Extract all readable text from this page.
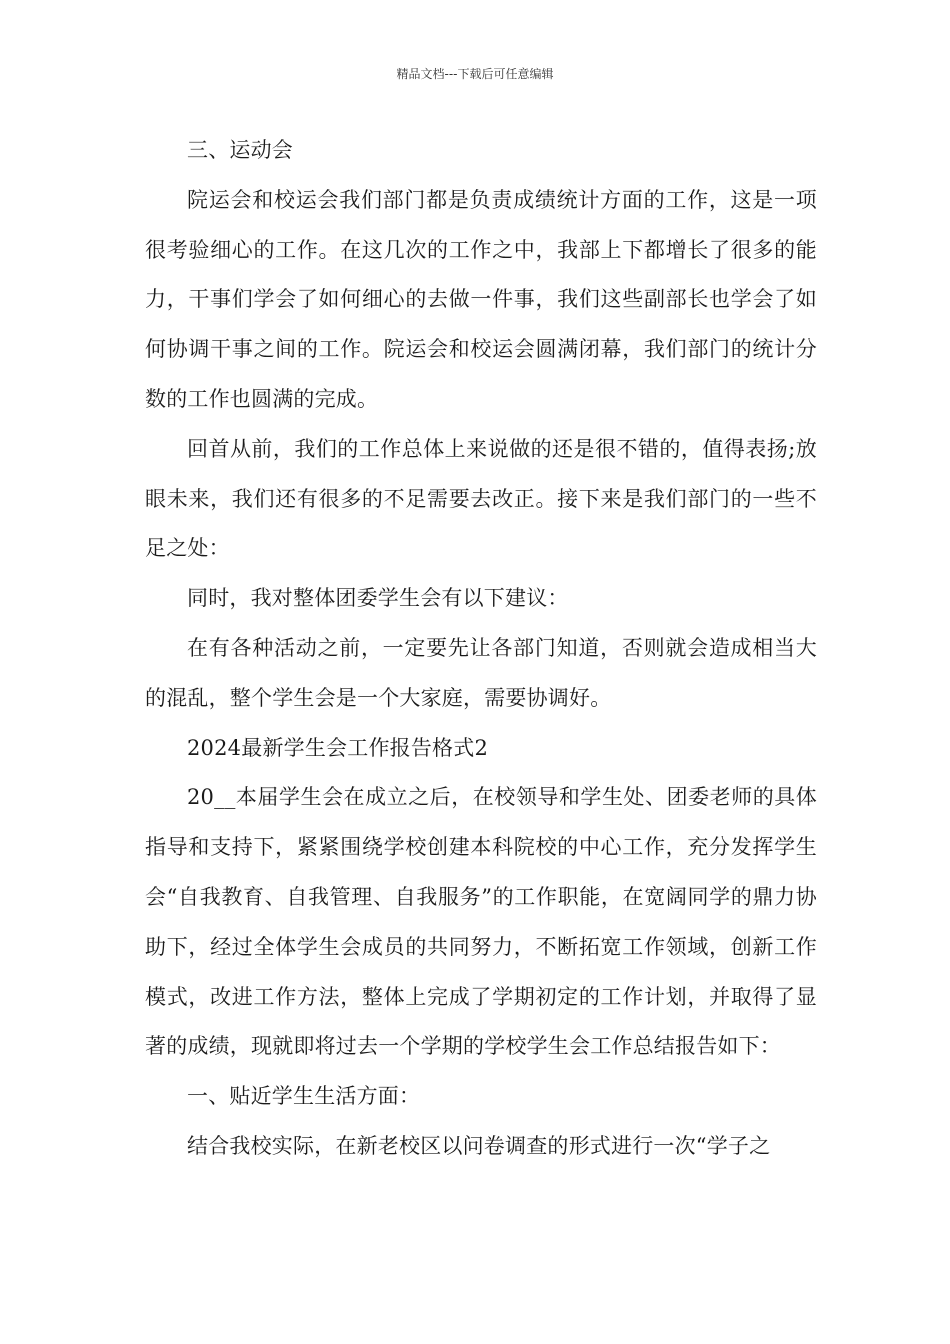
精品文档---下载后可任意编辑

三、运动会

院运会和校运会我们部门都是负责成绩统计方面的工作，这是一项很考验细心的工作。在这几次的工作之中，我部上下都增长了很多的能力，干事们学会了如何细心的去做一件事，我们这些副部长也学会了如何协调干事之间的工作。院运会和校运会圆满闭幕，我们部门的统计分数的工作也圆满的完成。

回首从前，我们的工作总体上来说做的还是很不错的，值得表扬;放眼未来，我们还有很多的不足需要去改正。接下来是我们部门的一些不足之处：

同时，我对整体团委学生会有以下建议：

在有各种活动之前，一定要先让各部门知道，否则就会造成相当大的混乱，整个学生会是一个大家庭，需要协调好。

2024最新学生会工作报告格式2

20__本届学生会在成立之后，在校领导和学生处、团委老师的具体指导和支持下，紧紧围绕学校创建本科院校的中心工作，充分发挥学生会“自我教育、自我管理、自我服务”的工作职能，在宽阔同学的鼎力协助下，经过全体学生会成员的共同努力，不断拓宽工作领域，创新工作模式，改进工作方法，整体上完成了学期初定的工作计划，并取得了显著的成绩，现就即将过去一个学期的学校学生会工作总结报告如下：

一、贴近学生生活方面：

结合我校实际，在新老校区以问卷调查的形式进行一次“学子之
